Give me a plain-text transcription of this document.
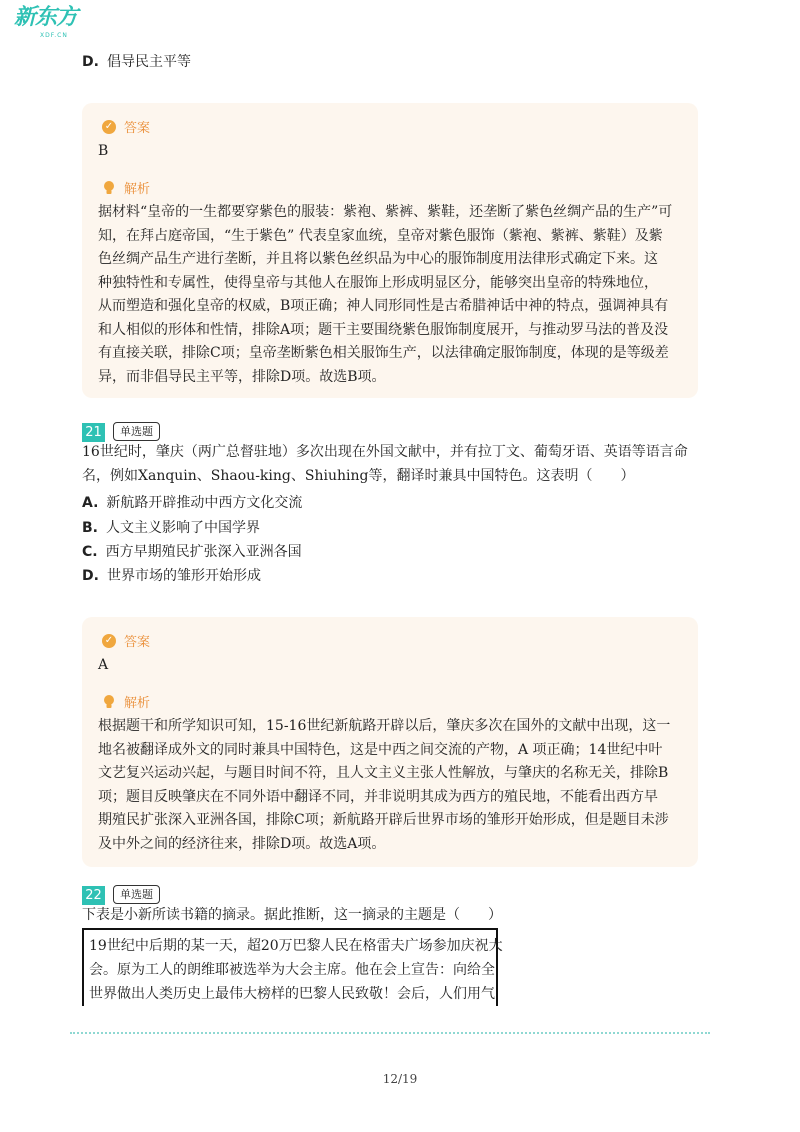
新东方
XDF.CN
D. 倡导民主平等
✓ 答案
B
解析
据材料“皇帝的一生都要穿紫色的服装：紫袍、紫裤、紫鞋，还垄断了紫色丝绸产品的生产”可
知，在拜占庭帝国，“生于紫色” 代表皇家血统，皇帝对紫色服饰（紫袍、紫裤、紫鞋）及紫
色丝绸产品生产进行垄断，并且将以紫色丝织品为中心的服饰制度用法律形式确定下来。这
种独特性和专属性，使得皇帝与其他人在服饰上形成明显区分，能够突出皇帝的特殊地位，
从而塑造和强化皇帝的权威，B项正确；神人同形同性是古希腊神话中神的特点，强调神具有
和人相似的形体和性情，排除A项；题干主要围绕紫色服饰制度展开，与推动罗马法的普及没
有直接关联，排除C项；皇帝垄断紫色相关服饰生产，以法律确定服饰制度，体现的是等级差
异，而非倡导民主平等，排除D项。故选B项。
21	单选题
16世纪时，肇庆（两广总督驻地）多次出现在外国文献中，并有拉丁文、葡萄牙语、英语等语言命
名，例如Xanquin、Shaou-king、Shiuhing等，翻译时兼具中国特色。这表明（　　）
A. 新航路开辟推动中西方文化交流
B. 人文主义影响了中国学界
C. 西方早期殖民扩张深入亚洲各国
D. 世界市场的雏形开始形成
✓ 答案
A
解析
根据题干和所学知识可知，15-16世纪新航路开辟以后，肇庆多次在国外的文献中出现，这一
地名被翻译成外文的同时兼具中国特色，这是中西之间交流的产物，A 项正确；14世纪中叶
文艺复兴运动兴起，与题目时间不符，且人文主义主张人性解放，与肇庆的名称无关，排除B
项；题目反映肇庆在不同外语中翻译不同，并非说明其成为西方的殖民地，不能看出西方早
期殖民扩张深入亚洲各国，排除C项；新航路开辟后世界市场的雏形开始形成，但是题目未涉
及中外之间的经济往来，排除D项。故选A项。
22	单选题
下表是小新所读书籍的摘录。据此推断，这一摘录的主题是（　　）
19世纪中后期的某一天，超20万巴黎人民在格雷夫广场参加庆祝大
会。原为工人的朗维耶被选举为大会主席。他在会上宣告：向给全
世界做出人类历史上最伟大榜样的巴黎人民致敬！会后，人们用气
12/19
